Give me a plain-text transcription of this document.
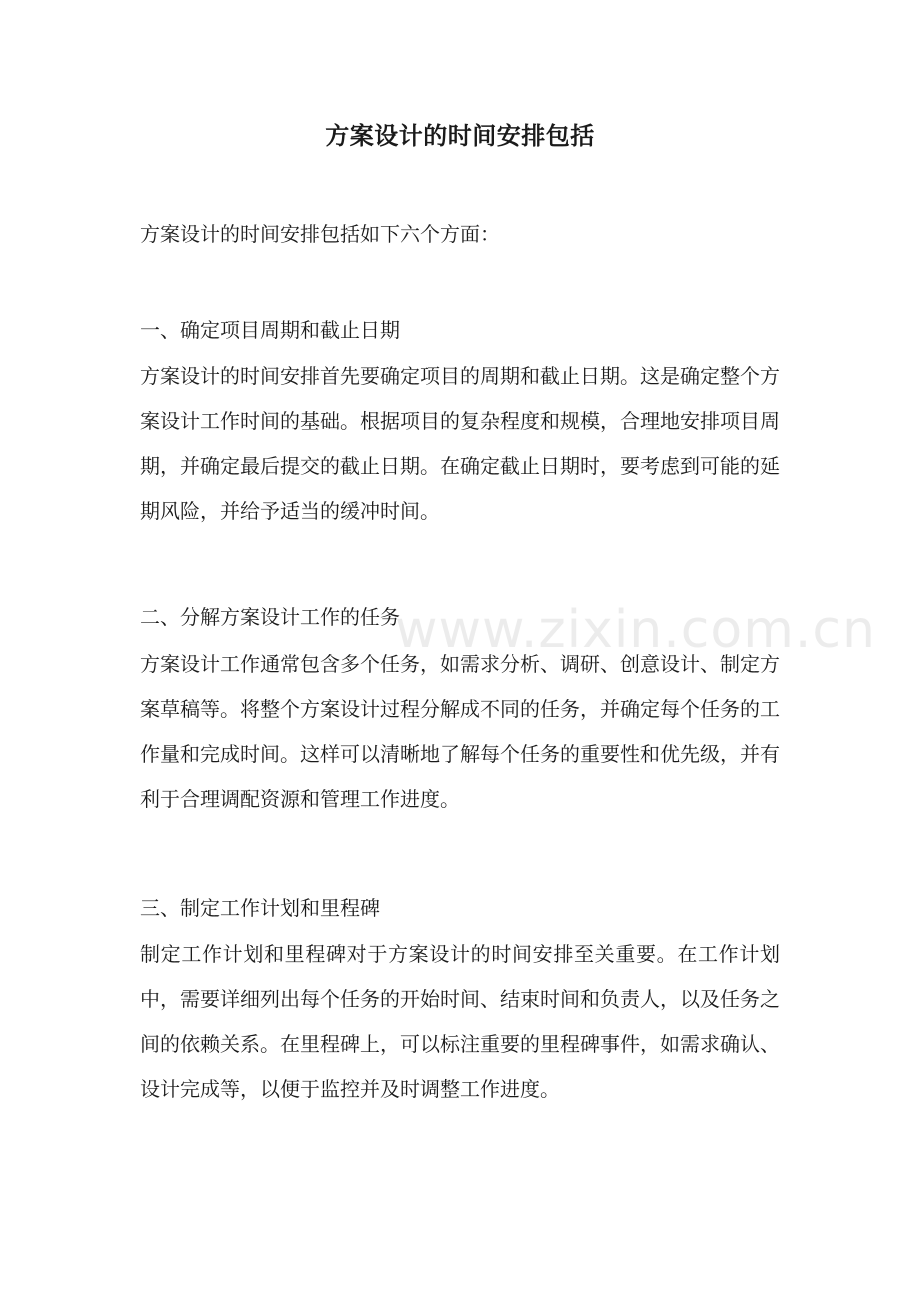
方案设计的时间安排包括
方案设计的时间安排包括如下六个方面：
一、确定项目周期和截止日期
方案设计的时间安排首先要确定项目的周期和截止日期。这是确定整个方案设计工作时间的基础。根据项目的复杂程度和规模，合理地安排项目周期，并确定最后提交的截止日期。在确定截止日期时，要考虑到可能的延期风险，并给予适当的缓冲时间。
二、分解方案设计工作的任务
方案设计工作通常包含多个任务，如需求分析、调研、创意设计、制定方案草稿等。将整个方案设计过程分解成不同的任务，并确定每个任务的工作量和完成时间。这样可以清晰地了解每个任务的重要性和优先级，并有利于合理调配资源和管理工作进度。
三、制定工作计划和里程碑
制定工作计划和里程碑对于方案设计的时间安排至关重要。在工作计划中，需要详细列出每个任务的开始时间、结束时间和负责人，以及任务之间的依赖关系。在里程碑上，可以标注重要的里程碑事件，如需求确认、设计完成等，以便于监控并及时调整工作进度。
www.zixin.com.cn
